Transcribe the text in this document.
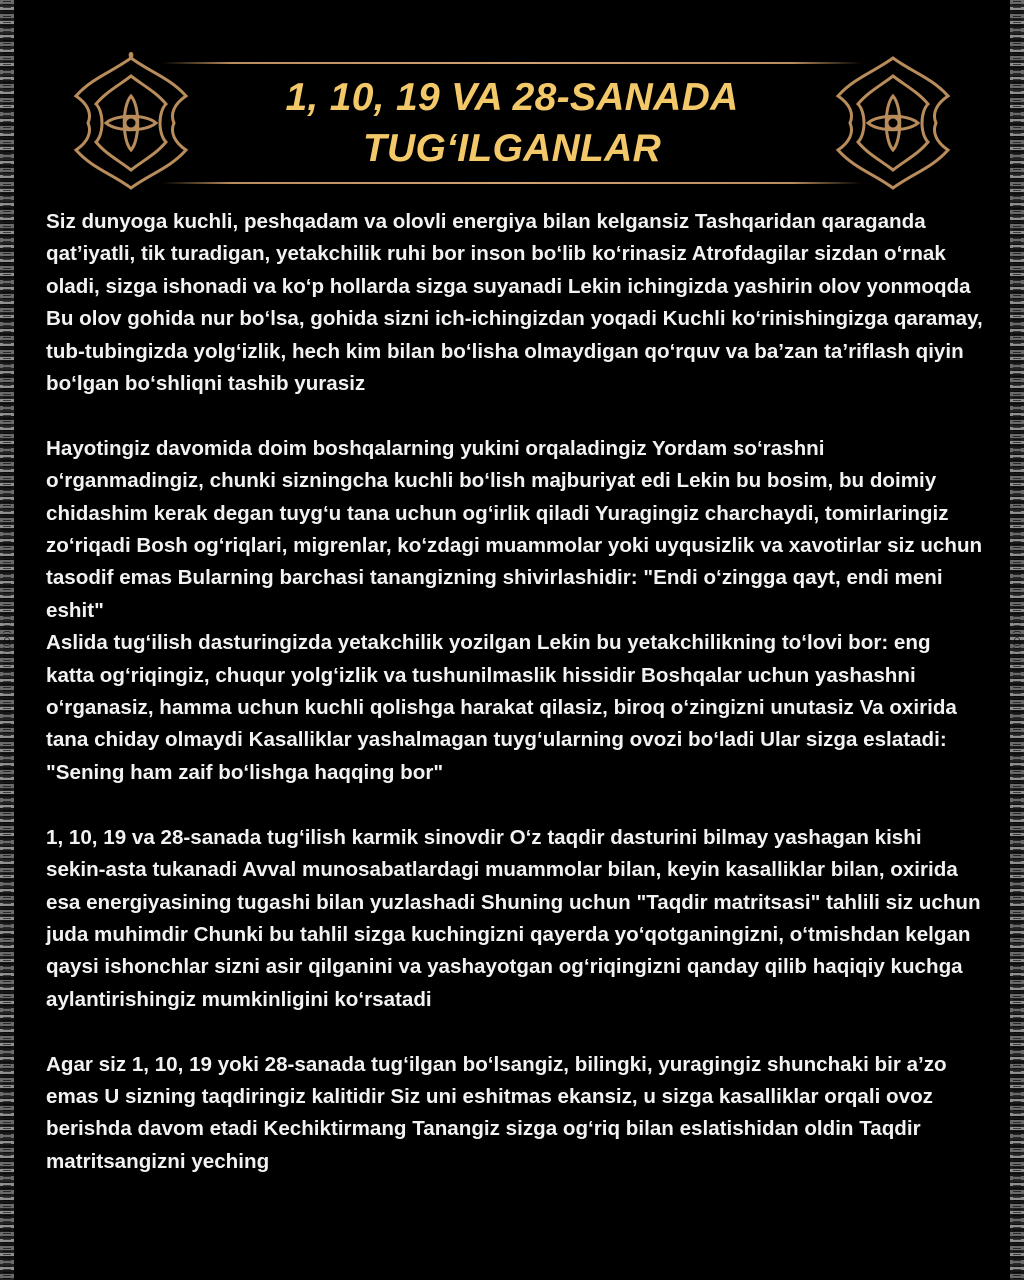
1, 10, 19 VA 28-SANADA
TUG‘ILGANLAR

Siz dunyoga kuchli, peshqadam va olovli energiya bilan kelgansiz Tashqaridan qaraganda qat’iyatli, tik turadigan, yetakchilik ruhi bor inson bo‘lib ko‘rinasiz Atrofdagilar sizdan o‘rnak oladi, sizga ishonadi va ko‘p hollarda sizga suyanadi Lekin ichingizda yashirin olov yonmoqda Bu olov gohida nur bo‘lsa, gohida sizni ich-ichingizdan yoqadi Kuchli ko‘rinishingizga qaramay, tub-tubingizda yolg‘izlik, hech kim bilan bo‘lisha olmaydigan qo‘rquv va ba’zan ta’riflash qiyin bo‘lgan bo‘shliqni tashib yurasiz

Hayotingiz davomida doim boshqalarning yukini orqaladingiz Yordam so‘rashni o‘rganmadingiz, chunki sizningcha kuchli bo‘lish majburiyat edi Lekin bu bosim, bu doimiy chidashim kerak degan tuyg‘u tana uchun og‘irlik qiladi Yuragingiz charchaydi, tomirlaringiz zo‘riqadi Bosh og‘riqlari, migrenlar, ko‘zdagi muammolar yoki uyqusizlik va xavotirlar siz uchun tasodif emas Bularning barchasi tanangizning shivirlashidir: "Endi o‘zingga qayt, endi meni eshit"

Aslida tug‘ilish dasturingizda yetakchilik yozilgan Lekin bu yetakchilikning to‘lovi bor: eng katta og‘riqingiz, chuqur yolg‘izlik va tushunilmaslik hissidir Boshqalar uchun yashashni o‘rganasiz, hamma uchun kuchli qolishga harakat qilasiz, biroq o‘zingizni unutasiz Va oxirida tana chiday olmaydi Kasalliklar yashalmagan tuyg‘ularning ovozi bo‘ladi Ular sizga eslatadi: "Sening ham zaif bo‘lishga haqqing bor"

1, 10, 19 va 28-sanada tug‘ilish karmik sinovdir O‘z taqdir dasturini bilmay yashagan kishi sekin-asta tukanadi Avval munosabatlardagi muammolar bilan, keyin kasalliklar bilan, oxirida esa energiyasining tugashi bilan yuzlashadi Shuning uchun "Taqdir matritsasi" tahlili siz uchun juda muhimdir Chunki bu tahlil sizga kuchingizni qayerda yo‘qotganingizni, o‘tmishdan kelgan qaysi ishonchlar sizni asir qilganini va yashayotgan og‘riqingizni qanday qilib haqiqiy kuchga aylantirishingiz mumkinligini ko‘rsatadi

Agar siz 1, 10, 19 yoki 28-sanada tug‘ilgan bo‘lsangiz, bilingki, yuragingiz shunchaki bir a’zo emas U sizning taqdiringiz kalitidir Siz uni eshitmas ekansiz, u sizga kasalliklar orqali ovoz berishda davom etadi Kechiktirmang Tanangiz sizga og‘riq bilan eslatishidan oldin Taqdir matritsangizni yeching
